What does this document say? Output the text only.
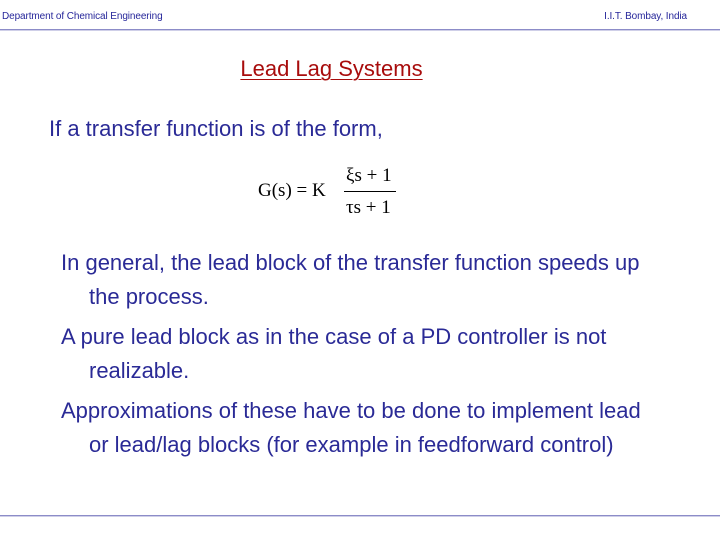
Department of Chemical Engineering	I.I.T. Bombay, India
Lead Lag Systems
If a transfer function is of the form,
G(s) = K
ξs + 1
τs + 1

In general, the lead block of the transfer function speeds up the process.

A pure lead block as in the case of a PD controller is not realizable.

Approximations of these have to be done to implement lead or lead/lag blocks (for example in feedforward control)
